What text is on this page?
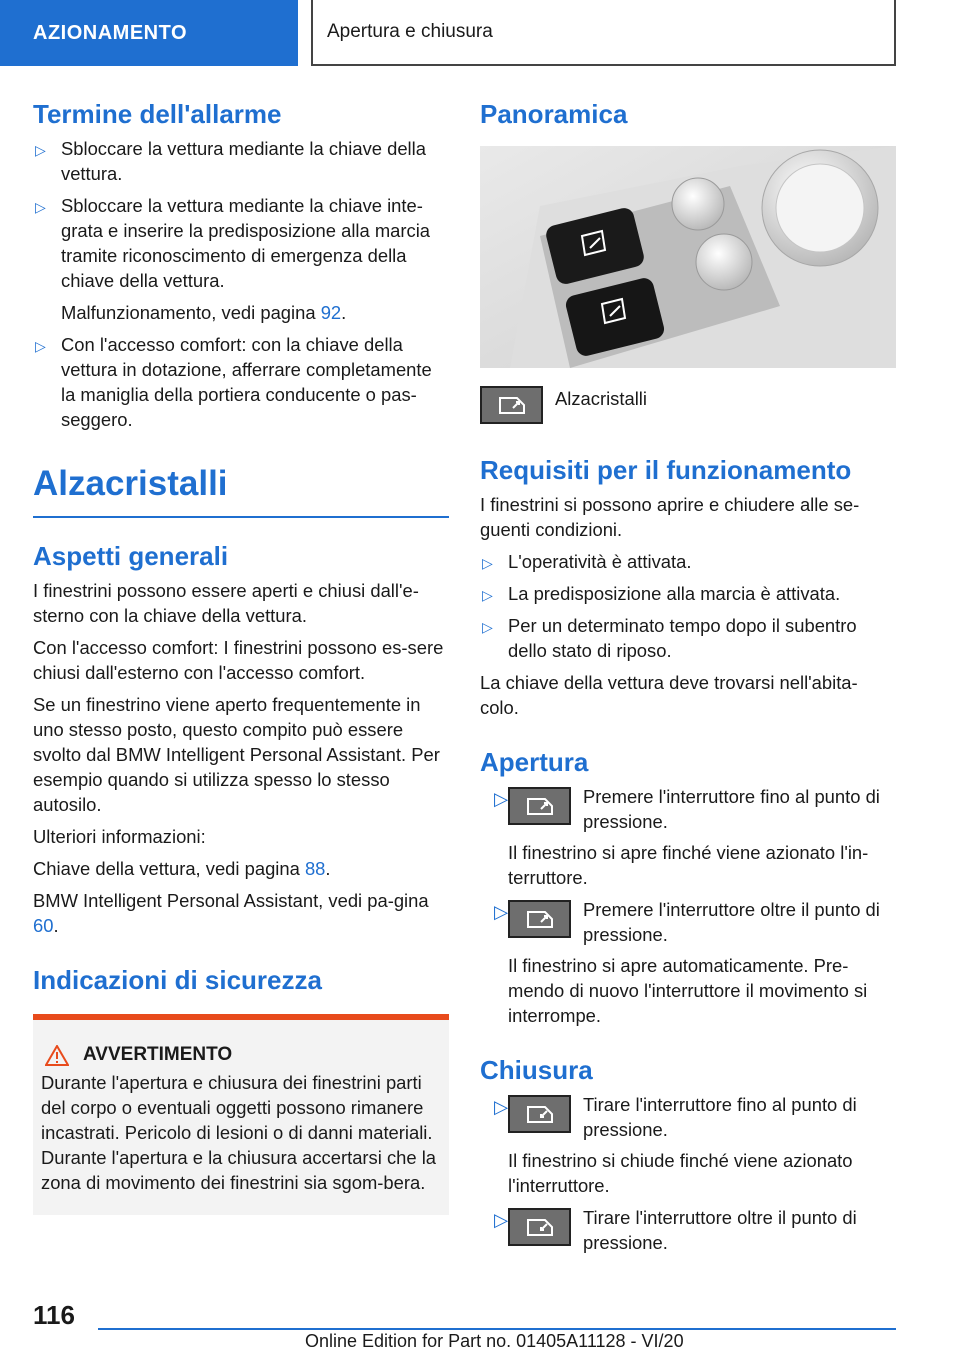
AZIONAMENTO	Apertura e chiusura
Termine dell'allarme
▷ Sbloccare la vettura mediante la chiave della vettura.
▷ Sbloccare la vettura mediante la chiave inte-grata e inserire la predisposizione alla marcia tramite riconoscimento di emergenza della chiave della vettura.
Malfunzionamento, vedi pagina 92.
▷ Con l'accesso comfort: con la chiave della vettura in dotazione, afferrare completamente la maniglia della portiera conducente o pas-seggero.
Alzacristalli
Aspetti generali

I finestrini possono essere aperti e chiusi dall'e-sterno con la chiave della vettura.

Con l'accesso comfort: I finestrini possono es-sere chiusi dall'esterno con l'accesso comfort.

Se un finestrino viene aperto frequentemente in uno stesso posto, questo compito può essere svolto dal BMW Intelligent Personal Assistant. Per esempio quando si utilizza spesso lo stesso autosilo.

Ulteriori informazioni:

Chiave della vettura, vedi pagina 88.

BMW Intelligent Personal Assistant, vedi pa-gina 60.

Indicazioni di sicurezza
AVVERTIMENTO

Durante l'apertura e chiusura dei finestrini parti del corpo o eventuali oggetti possono rimanere incastrati. Pericolo di lesioni o di danni materiali. Durante l'apertura e la chiusura accertarsi che la zona di movimento dei finestrini sia sgom-bera.

Panoramica
Alzacristalli
Requisiti per il funzionamento

I finestrini si possono aprire e chiudere alle se-guenti condizioni.

▷ L'operatività è attivata.
▷ La predisposizione alla marcia è attivata.
▷ Per un determinato tempo dopo il subentro dello stato di riposo.

La chiave della vettura deve trovarsi nell'abita-colo.

Apertura
▷	Premere l'interruttore fino al punto di pressione.
Il finestrino si apre finché viene azionato l'in-terruttore.
▷	Premere l'interruttore oltre il punto di pressione.
Il finestrino si apre automaticamente. Pre-mendo di nuovo l'interruttore il movimento si interrompe.
Chiusura
▷	Tirare l'interruttore fino al punto di pressione.
Il finestrino si chiude finché viene azionato l'interruttore.
▷	Tirare l'interruttore oltre il punto di pressione.
116
Online Edition for Part no. 01405A11128 - VI/20
